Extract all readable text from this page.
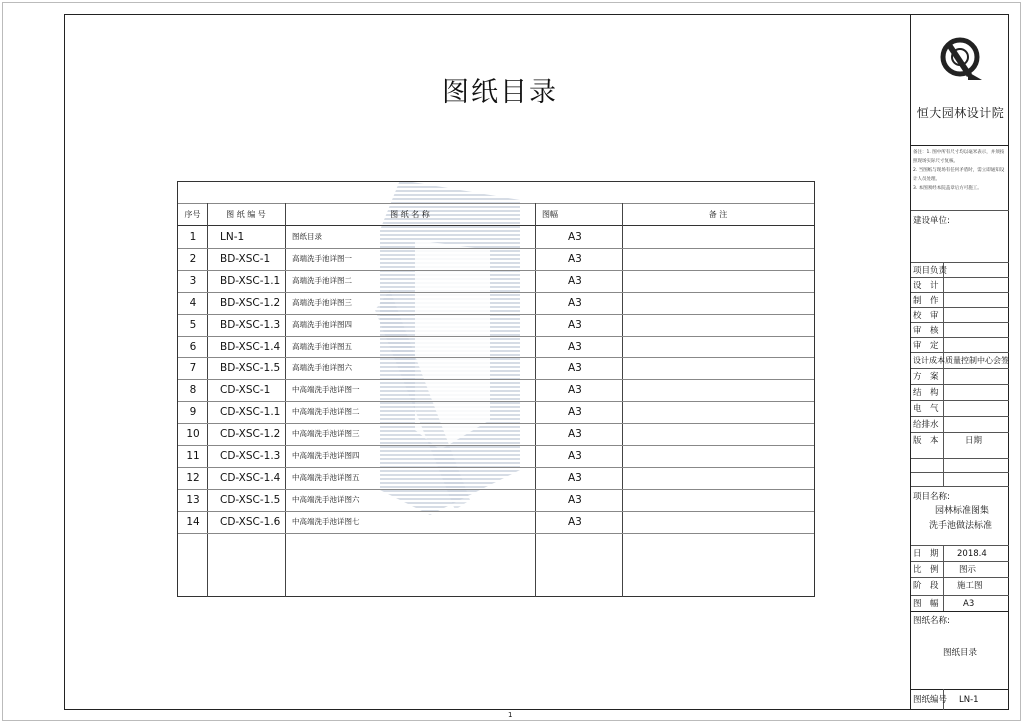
图纸目录
序号	图 纸 编 号	图 纸 名 称	图幅	备 注
1	LN-1	图纸目录	A3
2	BD-XSC-1	高端洗手池详图一	A3
3	BD-XSC-1.1 高端洗手池详图二	A3
4	BD-XSC-1.2 高端洗手池详图三	A3
5	BD-XSC-1.3 高端洗手池详图四	A3
6	BD-XSC-1.4 高端洗手池详图五	A3
7	BD-XSC-1.5 高端洗手池详图六	A3
8	CD-XSC-1	中高端洗手池详图一	A3
9	CD-XSC-1.1 中高端洗手池详图二	A3
10 CD-XSC-1.2 中高端洗手池详图三	A3
11 CD-XSC-1.3 中高端洗手池详图四	A3
12 CD-XSC-1.4 中高端洗手池详图五	A3
13 CD-XSC-1.5 中高端洗手池详图六	A3
14 CD-XSC-1.6 中高端洗手池详图七	A3
恒大园林设计院
备注：1. 图中所有尺寸均以毫米表示，并须按照现场实际尺寸复核。
2. 当图纸与现场有任何矛盾时，需立即通知设计人员处理。
3. 本图须经本院盖章后方可施工。
建设单位:
项目负责
设　计
制　作
校　审
审　核
审　定
设计成本质量控制中心会签
方　案
结　构
电　气
给排水
版　本	日期
项目名称:
园林标准图集
洗手池做法标准
日　期 2018.4
比　例 图示
阶　段 施工图
图　幅	A3
图纸名称:
图纸目录
图纸编号 LN-1
1
